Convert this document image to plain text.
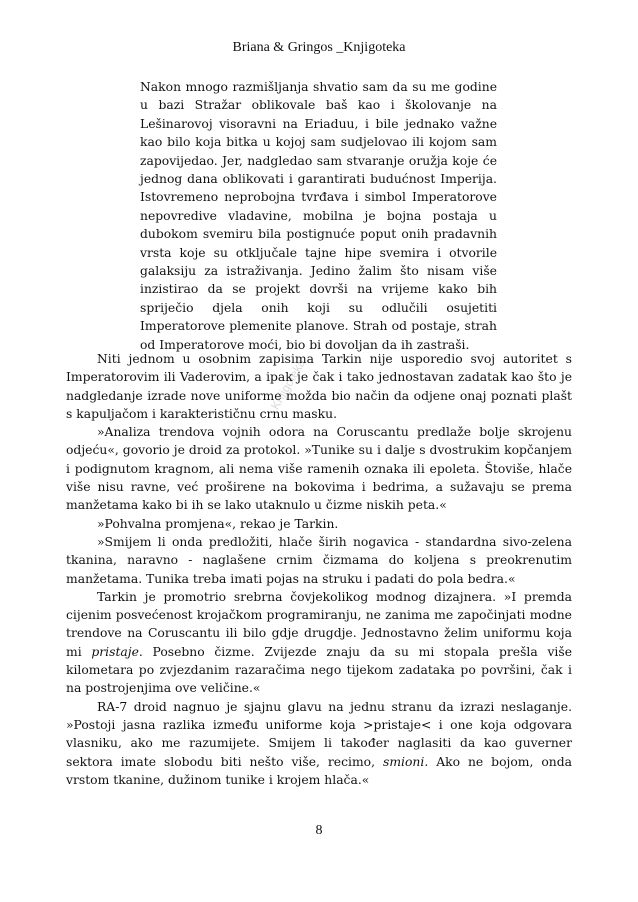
Briana & Gringos _Knjigoteka

Nakon mnogo razmišljanja shvatio sam da su me godine u bazi Stražar oblikovale baš kao i školovanje na Lešinarovoj visoravni na Eriaduu, i bile jednako važne kao bilo koja bitka u kojoj sam sudjelovao ili kojom sam zapovijedao. Jer, nadgledao sam stvaranje oružja koje će jednog dana oblikovati i garantirati budućnost Imperija. Istovremeno neprobojna tvrđava i simbol Imperatorove nepovredive vladavine, mobilna je bojna postaja u dubokom svemiru bila postignuće poput onih pradavnih vrsta koje su otključale tajne hipe svemira i otvorile galaksiju za istraživanja. Jedino žalim što nisam više inzistirao da se projekt dovrši na vrijeme kako bih spriječio djela onih koji su odlučili osujetiti Imperatorove plemenite planove. Strah od postaje, strah od Imperatorove moći, bio bi dovoljan da ih zastraši.

Knjigoteka

Niti jednom u osobnim zapisima Tarkin nije usporedio svoj autoritet s Imperatorovim ili Vaderovim, a ipak je čak i tako jednostavan zadatak kao što je nadgledanje izrade nove uniforme možda bio način da odjene onaj poznati plašt s kapuljačom i karakterističnu crnu masku.

»Analiza trendova vojnih odora na Coruscantu predlaže bolje skrojenu odjeću«, govorio je droid za protokol. »Tunike su i dalje s dvostrukim kopčanjem i podignutom kragnom, ali nema više ramenih oznaka ili epoleta. Štoviše, hlače više nisu ravne, već proširene na bokovima i bedrima, a sužavaju se prema manžetama kako bi ih se lako utaknulo u čizme niskih peta.«

»Pohvalna promjena«, rekao je Tarkin.

»Smijem li onda predložiti, hlače širih nogavica - standardna sivo-zelena tkanina, naravno - naglašene crnim čizmama do koljena s preokrenutim manžetama. Tunika treba imati pojas na struku i padati do pola bedra.«

Tarkin je promotrio srebrna čovjekolikog modnog dizajnera. »I premda cijenim posvećenost krojačkom programiranju, ne zanima me započinjati modne trendove na Coruscantu ili bilo gdje drugdje. Jednostavno želim uniformu koja mi pristaje. Posebno čizme. Zvijezde znaju da su mi stopala prešla više kilometara po zvjezdanim razaračima nego tijekom zadataka po površini, čak i na postrojenjima ove veličine.«

RA-7 droid nagnuo je sjajnu glavu na jednu stranu da izrazi neslaganje. »Postoji jasna razlika između uniforme koja >pristaje< i one koja odgovara vlasniku, ako me razumijete. Smijem li također naglasiti da kao guverner sektora imate slobodu biti nešto više, recimo, smioni. Ako ne bojom, onda vrstom tkanine, dužinom tunike i krojem hlača.«

8
